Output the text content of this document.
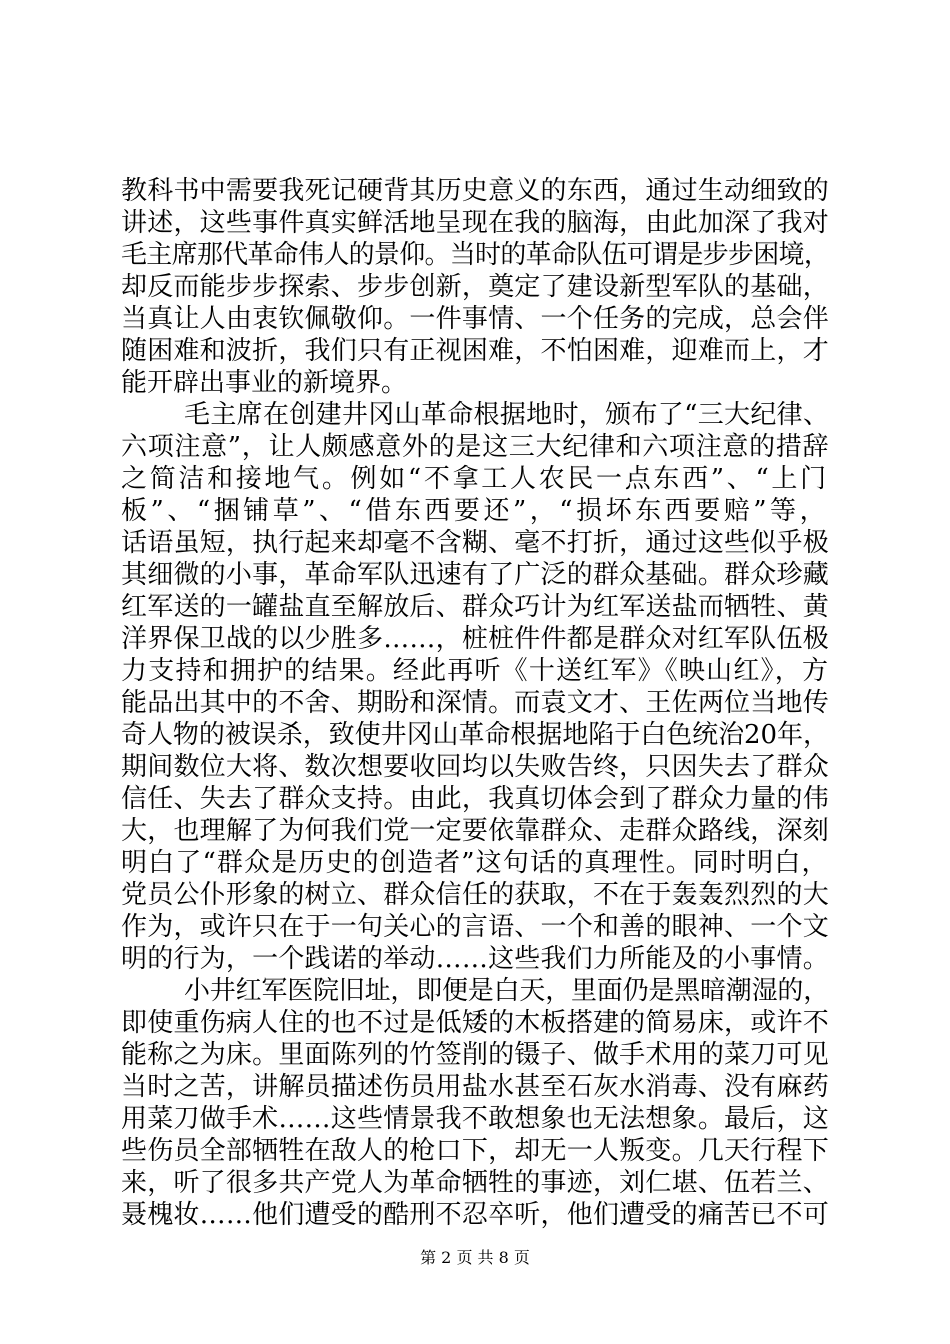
教科书中需要我死记硬背其历史意义的东西，通过生动细致的
讲述，这些事件真实鲜活地呈现在我的脑海，由此加深了我对
毛主席那代革命伟人的景仰。当时的革命队伍可谓是步步困境，
却反而能步步探索、步步创新，奠定了建设新型军队的基础，
当真让人由衷钦佩敬仰。一件事情、一个任务的完成，总会伴
随困难和波折，我们只有正视困难，不怕困难，迎难而上，才
能开辟出事业的新境界。
毛主席在创建井冈山革命根据地时，颁布了“三大纪律、
六项注意”，让人颇感意外的是这三大纪律和六项注意的措辞
之简洁和接地气。例如“不拿工人农民一点东西”、“上门
板”、“捆铺草”、“借东西要还”，“损坏东西要赔”等，
话语虽短，执行起来却毫不含糊、毫不打折，通过这些似乎极
其细微的小事，革命军队迅速有了广泛的群众基础。群众珍藏
红军送的一罐盐直至解放后、群众巧计为红军送盐而牺牲、黄
洋界保卫战的以少胜多……，桩桩件件都是群众对红军队伍极
力支持和拥护的结果。经此再听《十送红军》《映山红》，方
能品出其中的不舍、期盼和深情。而袁文才、王佐两位当地传
奇人物的被误杀，致使井冈山革命根据地陷于白色统治20年，
期间数位大将、数次想要收回均以失败告终，只因失去了群众
信任、失去了群众支持。由此，我真切体会到了群众力量的伟
大，也理解了为何我们党一定要依靠群众、走群众路线，深刻
明白了“群众是历史的创造者”这句话的真理性。同时明白，
党员公仆形象的树立、群众信任的获取，不在于轰轰烈烈的大
作为，或许只在于一句关心的言语、一个和善的眼神、一个文
明的行为，一个践诺的举动……这些我们力所能及的小事情。
小井红军医院旧址，即便是白天，里面仍是黑暗潮湿的，
即使重伤病人住的也不过是低矮的木板搭建的简易床，或许不
能称之为床。里面陈列的竹签削的镊子、做手术用的菜刀可见
当时之苦，讲解员描述伤员用盐水甚至石灰水消毒、没有麻药
用菜刀做手术……这些情景我不敢想象也无法想象。最后，这
些伤员全部牺牲在敌人的枪口下，却无一人叛变。几天行程下
来，听了很多共产党人为革命牺牲的事迹，刘仁堪、伍若兰、
聂槐妆……他们遭受的酷刑不忍卒听，他们遭受的痛苦已不可
第 2 页 共 8 页
